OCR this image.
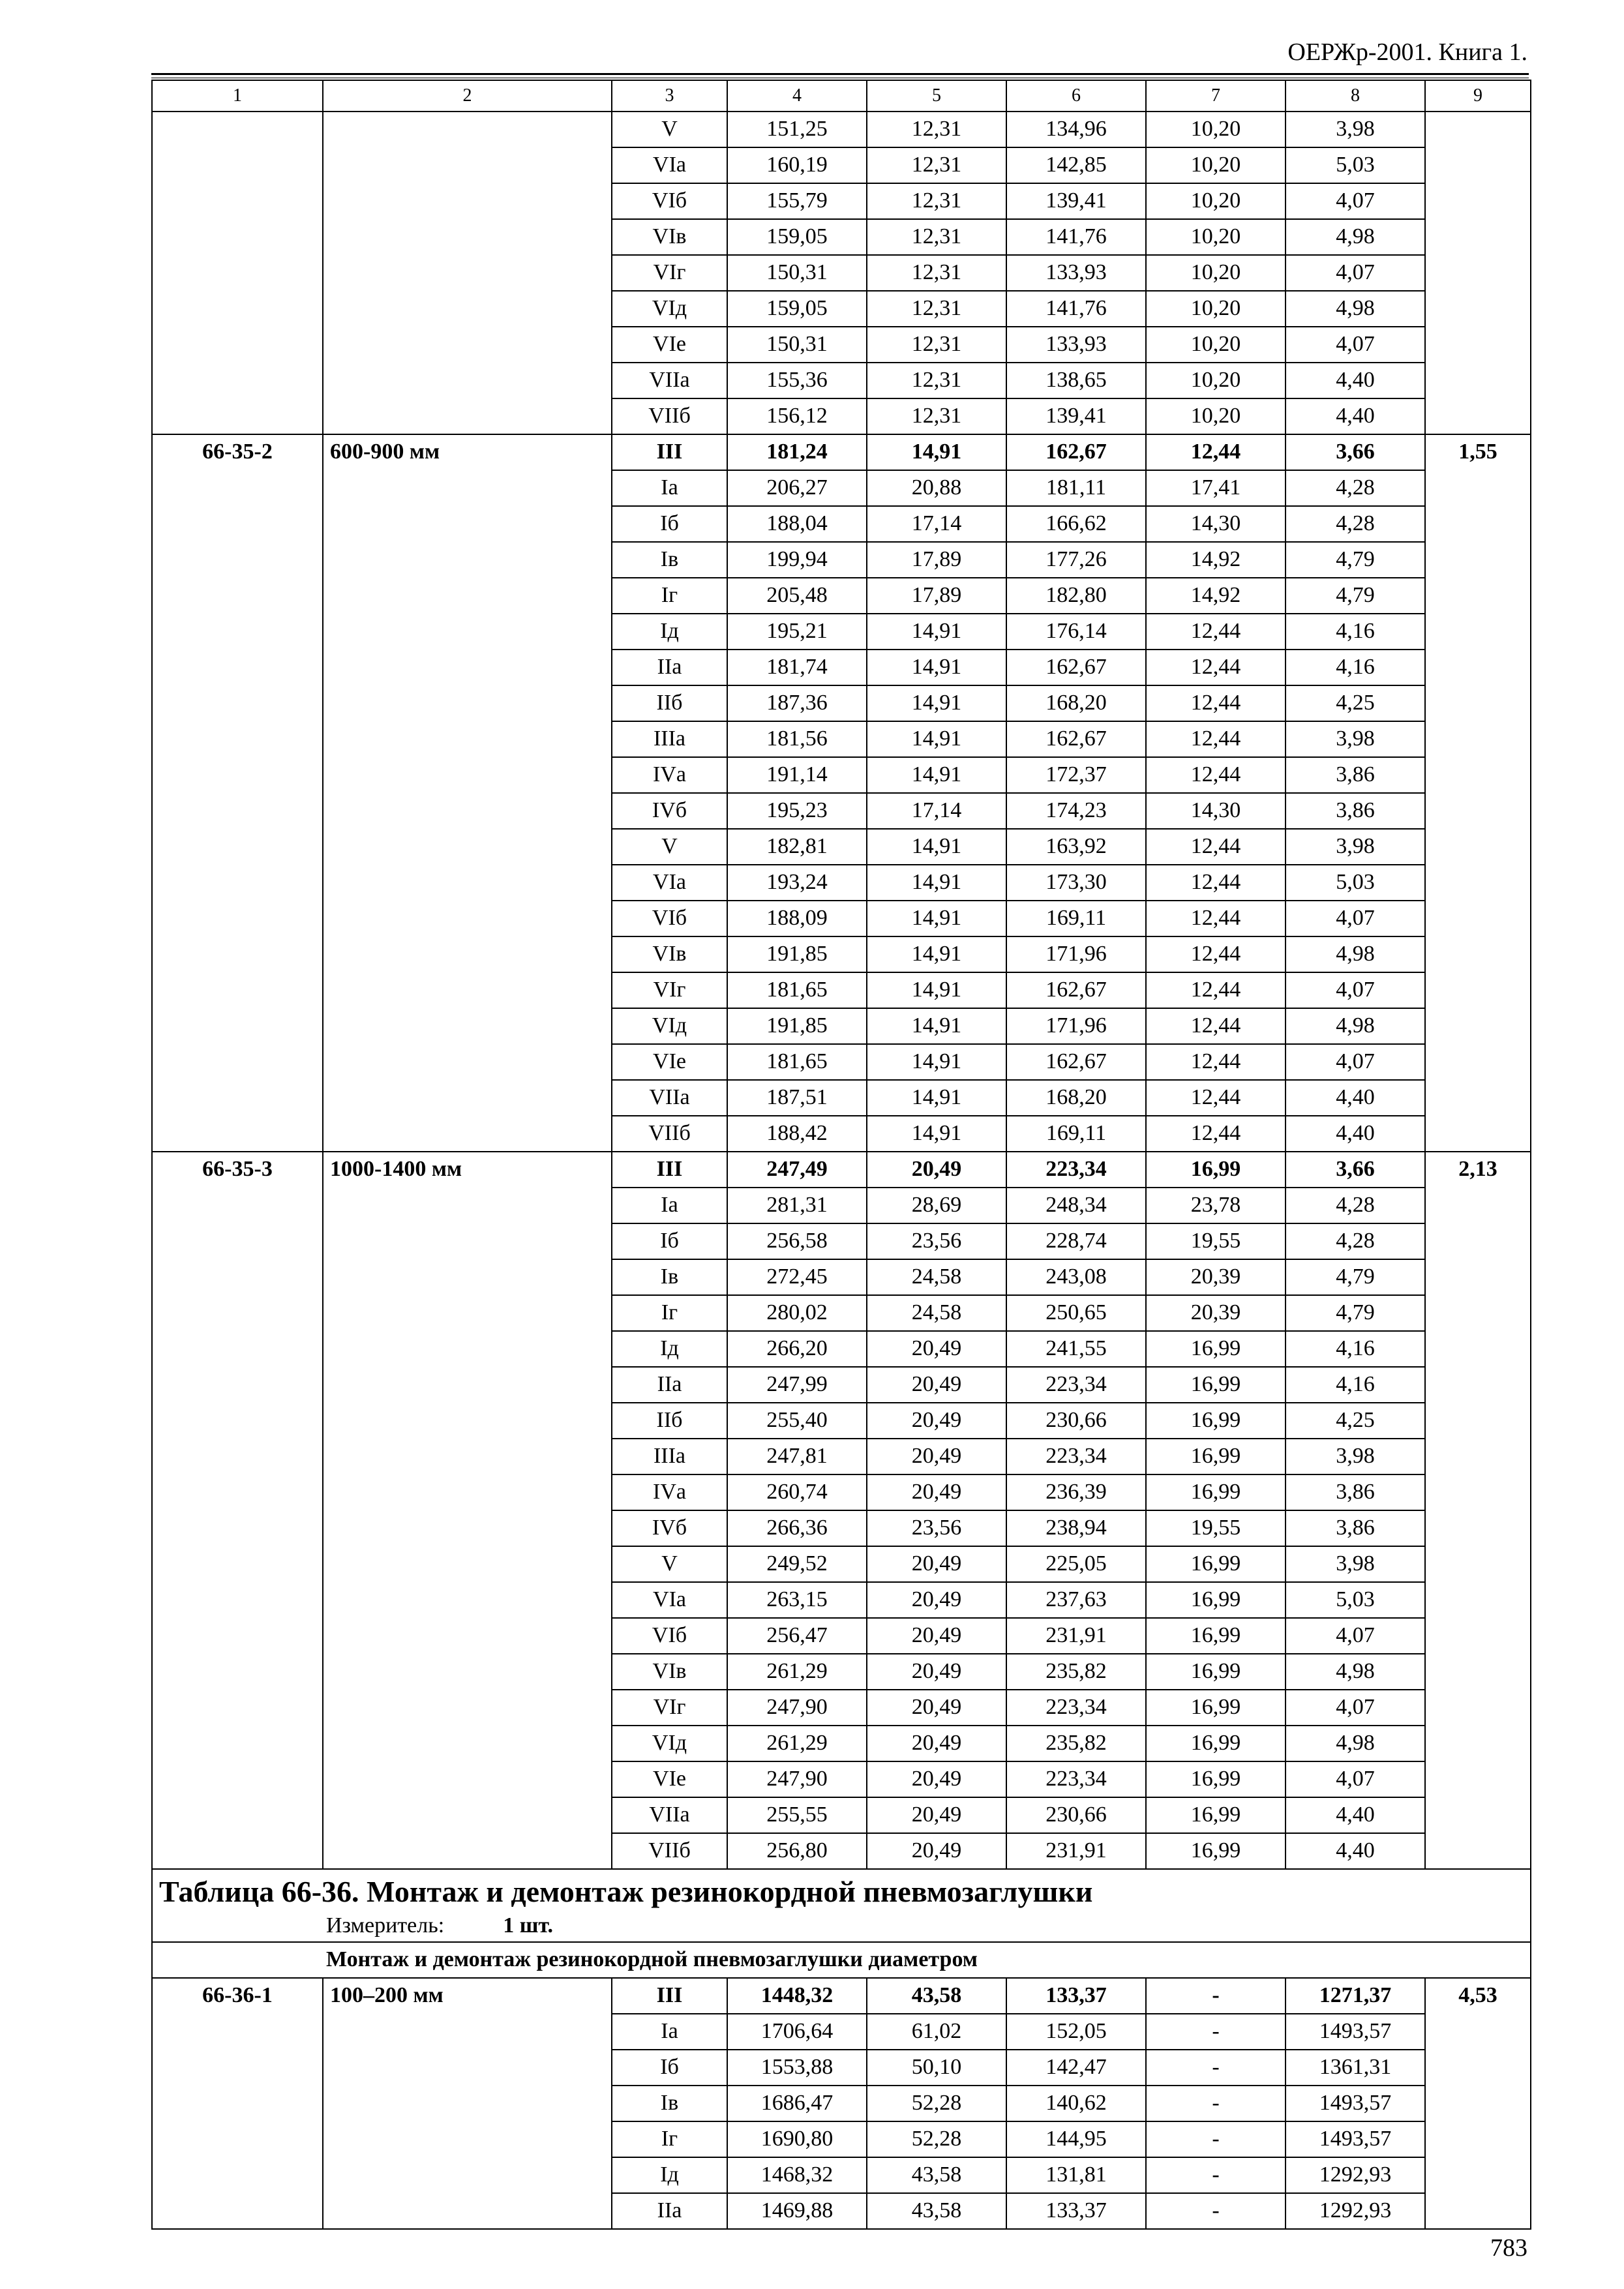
ОЕРЖр-2001. Книга 1.
1	2	3	4	5	6	7	8	9
		V	151,25	12,31	134,96	10,20	3,98	
		VIа	160,19	12,31	142,85	10,20	5,03	
		VIб	155,79	12,31	139,41	10,20	4,07	
		VIв	159,05	12,31	141,76	10,20	4,98	
		VIг	150,31	12,31	133,93	10,20	4,07	
		VIд	159,05	12,31	141,76	10,20	4,98	
		VIе	150,31	12,31	133,93	10,20	4,07	
		VIIа	155,36	12,31	138,65	10,20	4,40	
		VIIб	156,12	12,31	139,41	10,20	4,40	
66-35-2	600-900 мм	III	181,24	14,91	162,67	12,44	3,66	1,55
		Iа	206,27	20,88	181,11	17,41	4,28	
		Iб	188,04	17,14	166,62	14,30	4,28	
		Iв	199,94	17,89	177,26	14,92	4,79	
		Iг	205,48	17,89	182,80	14,92	4,79	
		Iд	195,21	14,91	176,14	12,44	4,16	
		IIа	181,74	14,91	162,67	12,44	4,16	
		IIб	187,36	14,91	168,20	12,44	4,25	
		IIIа	181,56	14,91	162,67	12,44	3,98	
		IVа	191,14	14,91	172,37	12,44	3,86	
		IVб	195,23	17,14	174,23	14,30	3,86	
		V	182,81	14,91	163,92	12,44	3,98	
		VIа	193,24	14,91	173,30	12,44	5,03	
		VIб	188,09	14,91	169,11	12,44	4,07	
		VIв	191,85	14,91	171,96	12,44	4,98	
		VIг	181,65	14,91	162,67	12,44	4,07	
		VIд	191,85	14,91	171,96	12,44	4,98	
		VIе	181,65	14,91	162,67	12,44	4,07	
		VIIа	187,51	14,91	168,20	12,44	4,40	
		VIIб	188,42	14,91	169,11	12,44	4,40	
66-35-3	1000-1400 мм	III	247,49	20,49	223,34	16,99	3,66	2,13
		Iа	281,31	28,69	248,34	23,78	4,28	
		Iб	256,58	23,56	228,74	19,55	4,28	
		Iв	272,45	24,58	243,08	20,39	4,79	
		Iг	280,02	24,58	250,65	20,39	4,79	
		Iд	266,20	20,49	241,55	16,99	4,16	
		IIа	247,99	20,49	223,34	16,99	4,16	
		IIб	255,40	20,49	230,66	16,99	4,25	
		IIIа	247,81	20,49	223,34	16,99	3,98	
		IVа	260,74	20,49	236,39	16,99	3,86	
		IVб	266,36	23,56	238,94	19,55	3,86	
		V	249,52	20,49	225,05	16,99	3,98	
		VIа	263,15	20,49	237,63	16,99	5,03	
		VIб	256,47	20,49	231,91	16,99	4,07	
		VIв	261,29	20,49	235,82	16,99	4,98	
		VIг	247,90	20,49	223,34	16,99	4,07	
		VIд	261,29	20,49	235,82	16,99	4,98	
		VIе	247,90	20,49	223,34	16,99	4,07	
		VIIа	255,55	20,49	230,66	16,99	4,40	
		VIIб	256,80	20,49	231,91	16,99	4,40	
Таблица 66-36. Монтаж и демонтаж резинокордной пневмозаглушки
Измеритель: 1 шт.								

Монтаж и демонтаж резинокордной пневмозаглушки диаметром								
66-36-1	100–200 мм	III	1448,32	43,58	133,37	-	1271,37	4,53
		Iа	1706,64	61,02	152,05	-	1493,57	
		Iб	1553,88	50,10	142,47	-	1361,31	
		Iв	1686,47	52,28	140,62	-	1493,57	
		Iг	1690,80	52,28	144,95	-	1493,57	
		Iд	1468,32	43,58	131,81	-	1292,93	
		IIа	1469,88	43,58	133,37	-	1292,93	
783
